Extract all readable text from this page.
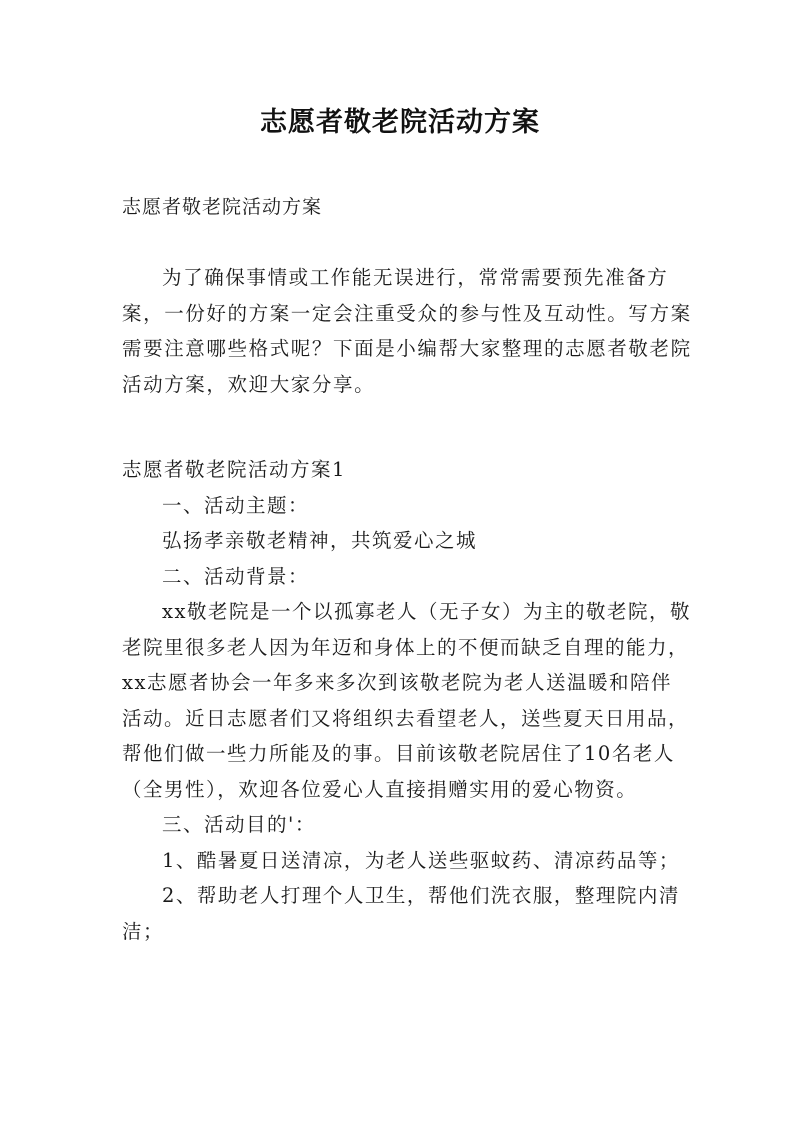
志愿者敬老院活动方案
志愿者敬老院活动方案

为了确保事情或工作能无误进行，常常需要预先准备方案，一份好的方案一定会注重受众的参与性及互动性。写方案需要注意哪些格式呢？下面是小编帮大家整理的志愿者敬老院活动方案，欢迎大家分享。

志愿者敬老院活动方案1

一、活动主题：

弘扬孝亲敬老精神，共筑爱心之城

二、活动背景：

xx敬老院是一个以孤寡老人（无子女）为主的敬老院，敬老院里很多老人因为年迈和身体上的不便而缺乏自理的能力，xx志愿者协会一年多来多次到该敬老院为老人送温暖和陪伴活动。近日志愿者们又将组织去看望老人，送些夏天日用品，帮他们做一些力所能及的事。目前该敬老院居住了10名老人（全男性），欢迎各位爱心人直接捐赠实用的爱心物资。

三、活动目的'：

1、酷暑夏日送清凉，为老人送些驱蚊药、清凉药品等；

2、帮助老人打理个人卫生，帮他们洗衣服，整理院内清洁；
